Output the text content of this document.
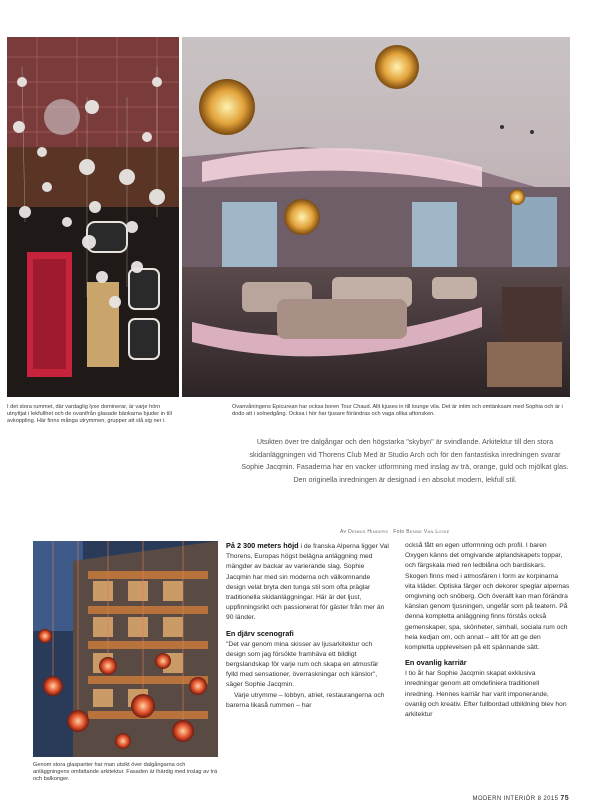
I det stora rummet, där vardaglig lyxe dominerar, är varje hörn utnyttjat i lekfullhet och de ovanifrån glasade bänkarna bjuder in till avkoppling. Här finns många utrymmen, grupper att slå sig ner i.
Ovanvåningens Epicurean har ocksa boren Tour Chaud. Allt kjuses in till lounge vila. Det är intim och omtänksam med Sophia och är i dodo att i solnedgång. Ocksa i hör har tjusare förändras och vaga olika aftonsken.
Utsikten över tre dalgångar och den högstarka "skybyn" är svindlande. Arkitektur till den stora skidanläggningen vid Thorens Club Med är Studio Arch och för den fantastiska inredningen svarar Sophie Jacqmin. Fasaderna har en vacker utformning med inslag av trä, orange, guld och mjölkat glas. Den originella inredningen är designad i en absolut modern, lekfull stil.
Av Dennis Hinders Foto Benne Van Looie
Genom stora glaspartier har man utsikt över dalgångarna och anläggningens omfattande arkitektur. Fasaden är ihärdig med inslag av trä och balkonger.

På 2 300 meters höjd i de franska Alperna ligger Val Thorens, Europas högst belägna anläggning med mängder av backar av varierande slag. Sophie Jacqmin har med sin moderna och välkomnande design velat bryta den tunga stil som ofta präglar traditionella skidanläggningar. Här är det ljust, uppfinningsrikt och passionerat för gäster från mer än 90 länder.

En djärv scenografi

"Det var genom mina skisser av ljusarkitektur och design som jag försökte framhäva ett bildligt bergslandskap för varje rum och skapa en atmosfär fylld med sensationer, överraskningar och känslor", säger Sophie Jacqmin.

Varje utrymme – lobbyn, atriet, restaurangerna och barerna likaså rummen – har

också fått en egen utformning och profil. I baren Oxygen känns det omgivande alplandskapets toppar, och färgskala med ren ledblåna och bardiskars. Skogen finns med i atmosfären i form av korpinarna vita kläder. Optiska färger och dekorer speglar alpernas omgivning och snöberg. Och överallt kan man förändra känslan genom tjusningen, ungefär som på teatern. På denna kompletta anläggning finns förstås också gemenskaper, spa, skönheter, simhall, sociala rum och hela kedjan om, och annat – allt för att ge den kompletta upplevelsen på ett spännande sätt.

En ovanlig karriär

I tio år har Sophie Jacqmin skapat exklusiva inredningar genom att omdefiniera traditionell inredning. Hennes karriär har varit imponerande, ovanlig och kreativ. Efter fullbordad utbildning blev hon arkitektur

MODERN INTERIÖR 8 2015 75
